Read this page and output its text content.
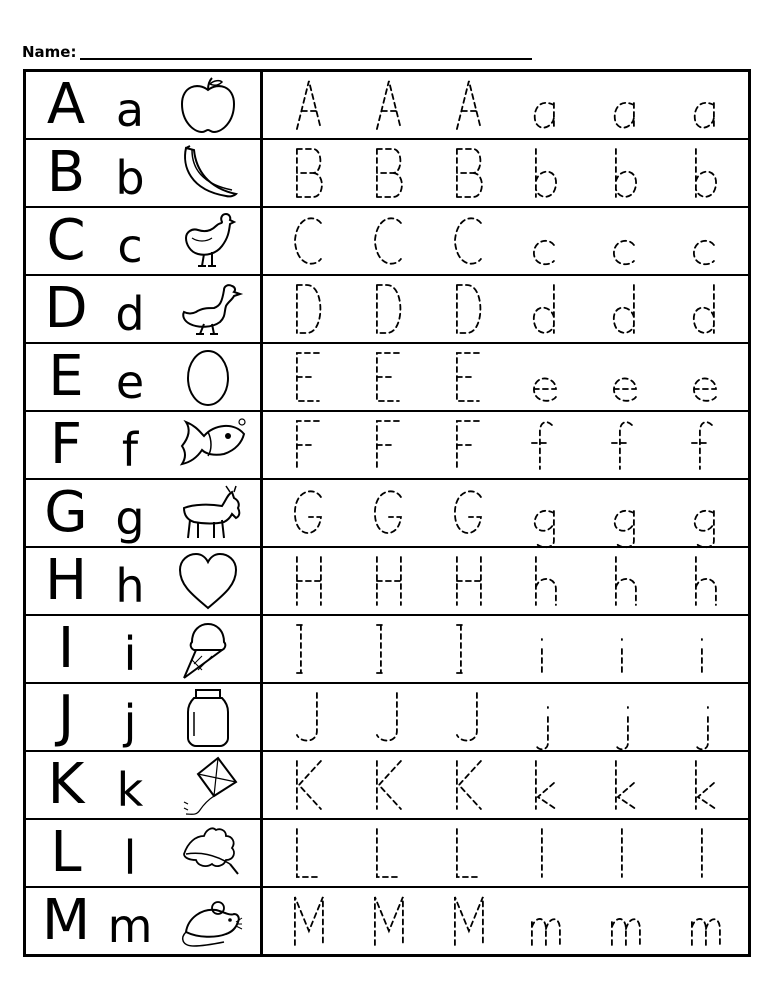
Name:
A a
B b
C c
D d
E e
F f
G g
H h
I	i
J	j
K k
L l
M m
